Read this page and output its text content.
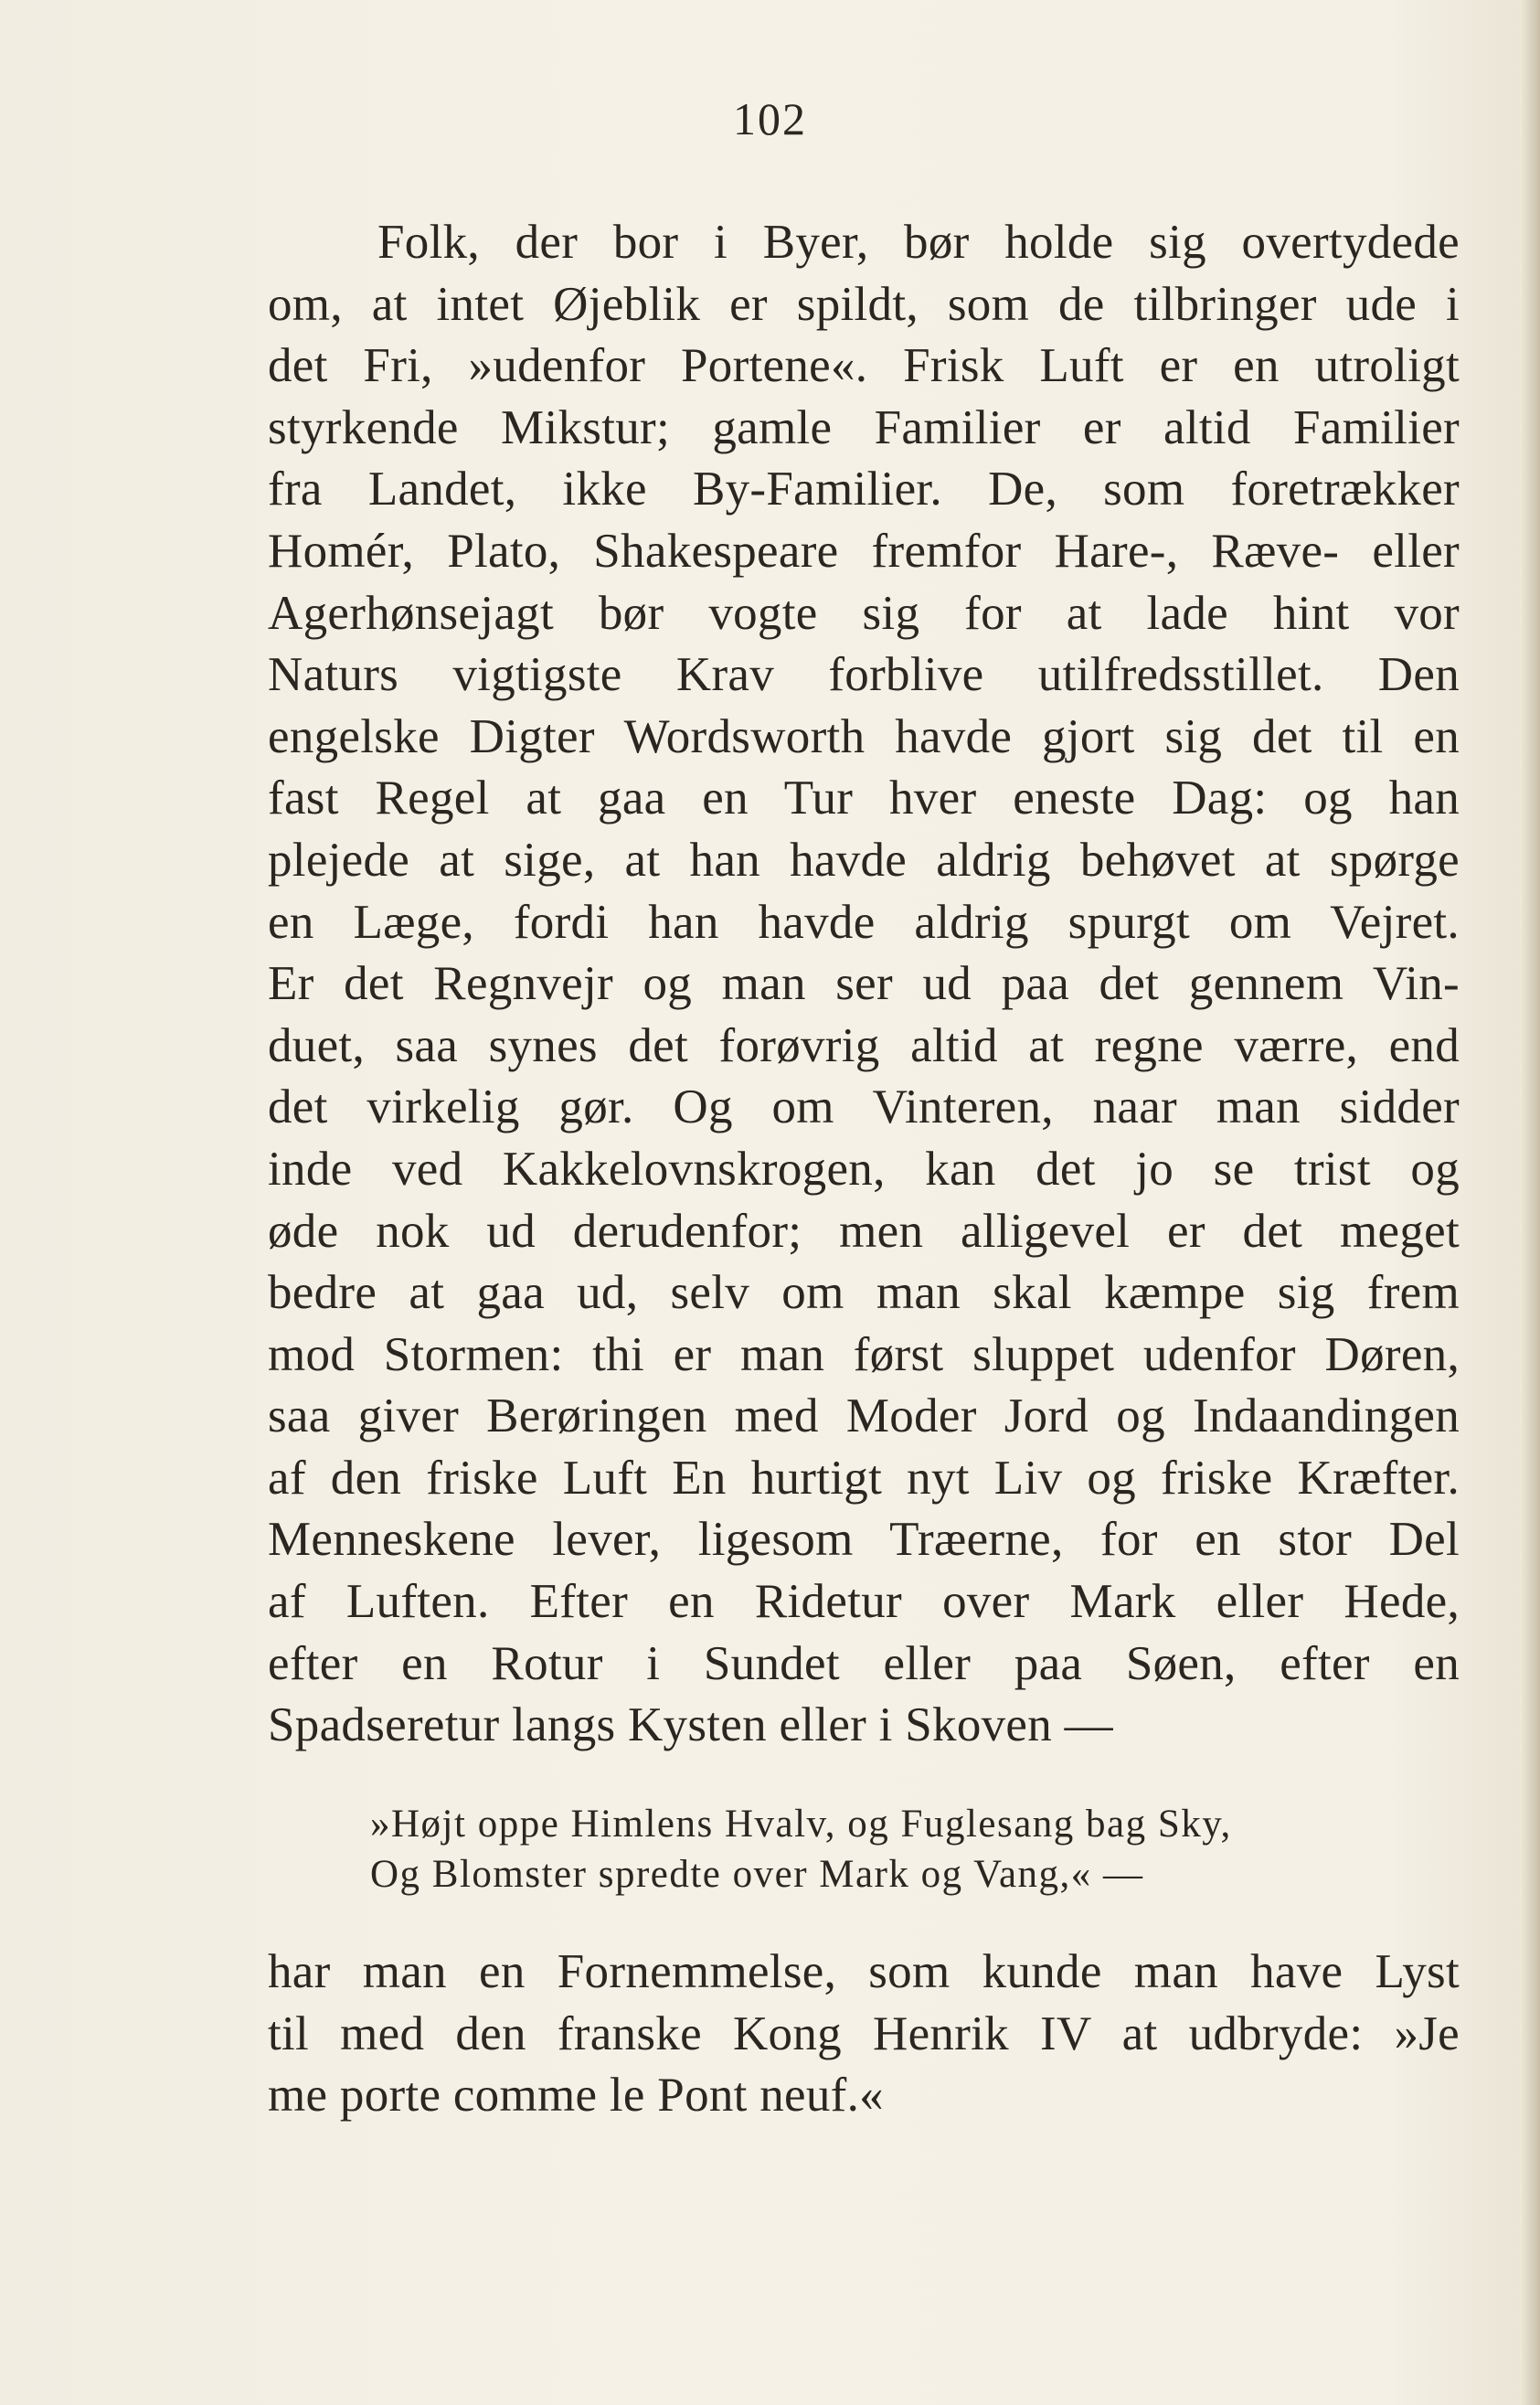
102
Folk, der bor i Byer, bør holde sig overtydede
om, at intet Øjeblik er spildt, som de tilbringer ude i
det Fri, »udenfor Portene«. Frisk Luft er en utroligt
styrkende Mikstur; gamle Familier er altid Familier
fra Landet, ikke By-Familier. De, som foretrækker
Homér, Plato, Shakespeare fremfor Hare-, Ræve- eller
Agerhønsejagt bør vogte sig for at lade hint vor
Naturs vigtigste Krav forblive utilfredsstillet. Den
engelske Digter Wordsworth havde gjort sig det til en
fast Regel at gaa en Tur hver eneste Dag: og han
plejede at sige, at han havde aldrig behøvet at spørge
en Læge, fordi han havde aldrig spurgt om Vejret.
Er det Regnvejr og man ser ud paa det gennem Vin-
duet, saa synes det forøvrig altid at regne værre, end
det virkelig gør. Og om Vinteren, naar man sidder
inde ved Kakkelovnskrogen, kan det jo se trist og
øde nok ud derudenfor; men alligevel er det meget
bedre at gaa ud, selv om man skal kæmpe sig frem
mod Stormen: thi er man først sluppet udenfor Døren,
saa giver Berøringen med Moder Jord og Indaandingen
af den friske Luft En hurtigt nyt Liv og friske Kræfter.
Menneskene lever, ligesom Træerne, for en stor Del
af Luften. Efter en Ridetur over Mark eller Hede,
efter en Rotur i Sundet eller paa Søen, efter en
Spadseretur langs Kysten eller i Skoven —
»Højt oppe Himlens Hvalv, og Fuglesang bag Sky,
Og Blomster spredte over Mark og Vang,« —
har man en Fornemmelse, som kunde man have Lyst
til med den franske Kong Henrik IV at udbryde: »Je
me porte comme le Pont neuf.«
